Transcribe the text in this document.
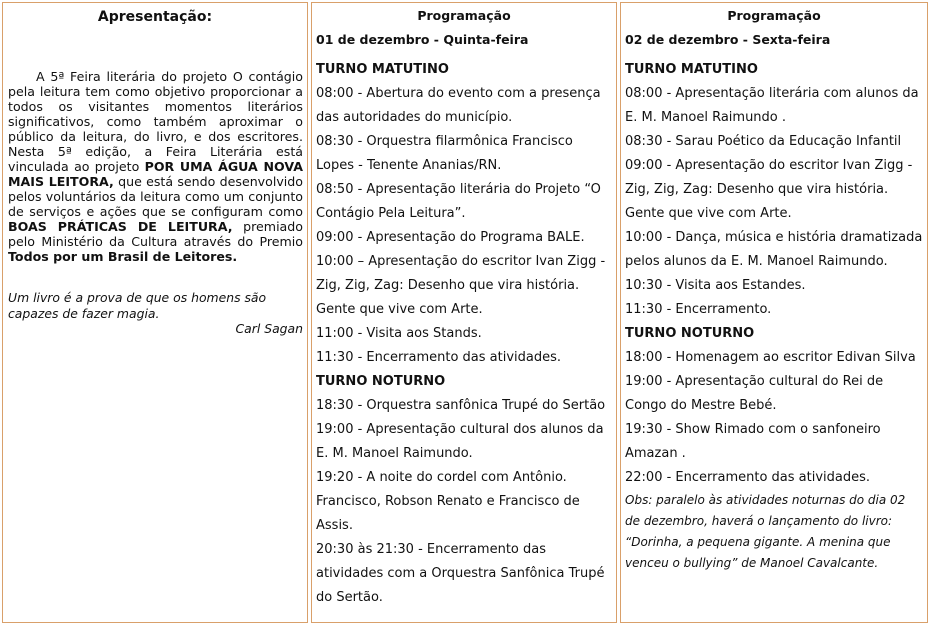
Apresentação:

A 5ª Feira literária do projeto O contágio pela leitura tem como objetivo proporcionar a todos os visitantes momentos literários significativos, como também aproximar o público da leitura, do livro, e dos escritores. Nesta 5ª edição, a Feira Literária está vinculada ao projeto POR UMA ÁGUA NOVA MAIS LEITORA, que está sendo desenvolvido pelos voluntários da leitura como um conjunto de serviços e ações que se configuram como BOAS PRÁTICAS DE LEITURA, premiado pelo Ministério da Cultura através do Premio Todos por um Brasil de Leitores.

Um livro é a prova de que os homens são capazes de fazer magia.
Carl Sagan
Programação
01 de dezembro - Quinta-feira
TURNO MATUTINO
08:00 - Abertura do evento com a presença das autoridades do município.
08:30 - Orquestra filarmônica Francisco Lopes - Tenente Ananias/RN.
08:50 - Apresentação literária do Projeto “O Contágio Pela Leitura”.
09:00 - Apresentação do Programa BALE.
10:00 – Apresentação do escritor Ivan Zigg - Zig, Zig, Zag: Desenho que vira história. Gente que vive com Arte.
11:00 - Visita aos Stands.
11:30 - Encerramento das atividades.
TURNO NOTURNO
18:30 - Orquestra sanfônica Trupé do Sertão
19:00 - Apresentação cultural dos alunos da E. M. Manoel Raimundo.
19:20 - A noite do cordel com Antônio. Francisco, Robson Renato e Francisco de Assis.
20:30 às 21:30 - Encerramento das atividades com a Orquestra Sanfônica Trupé do Sertão.
Programação
02 de dezembro - Sexta-feira
TURNO MATUTINO
08:00 - Apresentação literária com alunos da E. M. Manoel Raimundo .
08:30 - Sarau Poético da Educação Infantil
09:00 - Apresentação do escritor Ivan Zigg - Zig, Zig, Zag: Desenho que vira história. Gente que vive com Arte.
10:00 - Dança, música e história dramatizada pelos alunos da E. M. Manoel Raimundo.
10:30 - Visita aos Estandes.
11:30 - Encerramento.
TURNO NOTURNO
18:00 - Homenagem ao escritor Edivan Silva
19:00 - Apresentação cultural do Rei de Congo do Mestre Bebé.
19:30 - Show Rimado com o sanfoneiro Amazan .
22:00 - Encerramento das atividades.
Obs: paralelo às atividades noturnas do dia 02 de dezembro, haverá o lançamento do livro: “Dorinha, a pequena gigante. A menina que venceu o bullying” de Manoel Cavalcante.
